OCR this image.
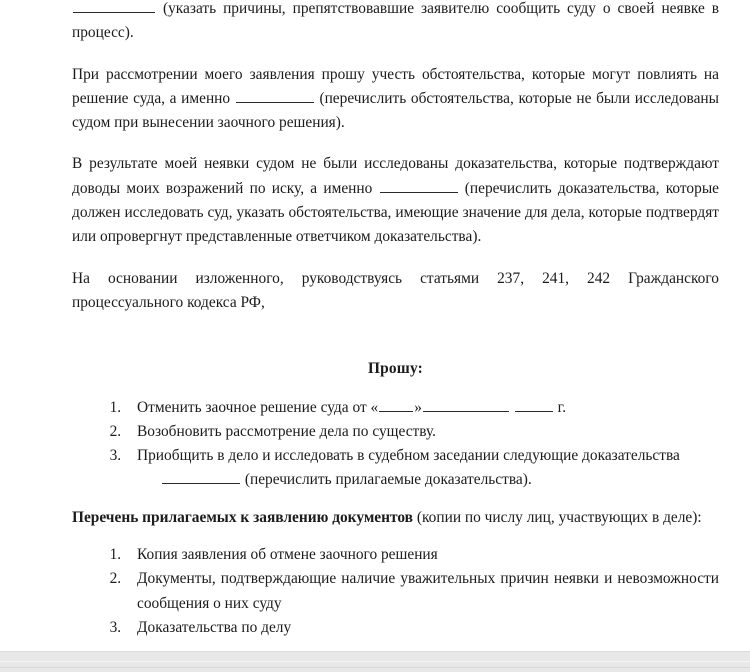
(указать причины, препятствовавшие заявителю сообщить суду о своей неявке в процесс).

При рассмотрении моего заявления прошу учесть обстоятельства, которые могут повлиять на решение суда, а именно	(перечислить обстоятельства, которые не были исследованы судом при вынесении заочного решения).

В результате моей неявки судом не были исследованы доказательства, которые подтверждают доводы моих возражений по иску, а именно	(перечислить доказательства, которые должен исследовать суд, указать обстоятельства, имеющие значение для дела, которые подтвердят или опровергнут представленные ответчиком доказательства).

На основании изложенного, руководствуясь статьями 237, 241, 242 Гражданского процессуального кодекса РФ,

Прошу:
1. Отменить заочное решение суда от « »	г.
2. Возобновить рассмотрение дела по существу.
3. Приобщить в дело и исследовать в судебном заседании следующие доказательства
(перечислить прилагаемые доказательства).

Перечень прилагаемых к заявлению документов (копии по числу лиц, участвующих в деле):

1. Копия заявления об отмене заочного решения
2. Документы, подтверждающие наличие уважительных причин неявки и невозможности сообщения о них суду
3. Доказательства по делу
